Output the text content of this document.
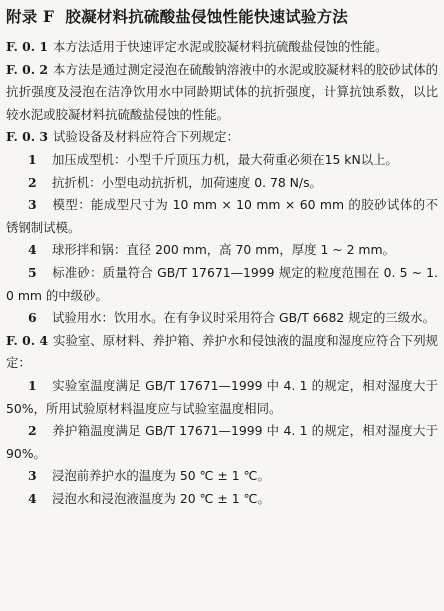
附录 F 胶凝材料抗硫酸盐侵蚀性能快速试验方法

F. 0. 1 本方法适用于快速评定水泥或胶凝材料抗硫酸盐侵蚀的性能。

F. 0. 2 本方法是通过测定浸泡在硫酸钠溶液中的水泥或胶凝材料的胶砂试体的抗折强度及浸泡在洁净饮用水中同龄期试体的抗折强度，计算抗蚀系数，以比较水泥或胶凝材料抗硫酸盐侵蚀的性能。

F. 0. 3 试验设备及材料应符合下列规定：

1 加压成型机：小型千斤顶压力机，最大荷重必须在15 kN以上。

2 抗折机：小型电动抗折机，加荷速度 0. 78 N/s。

3 模型：能成型尺寸为 10 mm × 10 mm × 60 mm 的胶砂试体的不锈钢制试模。

4 球形拌和锅：直径 200 mm，高 70 mm，厚度 1 ~ 2 mm。

5 标准砂：质量符合 GB/T 17671—1999 规定的粒度范围在 0. 5 ~ 1. 0 mm 的中级砂。

6 试验用水：饮用水。在有争议时采用符合 GB/T 6682 规定的三级水。

F. 0. 4 实验室、原材料、养护箱、养护水和侵蚀液的温度和湿度应符合下列规定：

1 实验室温度满足 GB/T 17671—1999 中 4. 1 的规定，相对湿度大于 50%，所用试验原材料温度应与试验室温度相同。

2 养护箱温度满足 GB/T 17671—1999 中 4. 1 的规定，相对湿度大于 90%。

3 浸泡前养护水的温度为 50 ℃ ± 1 ℃。

4 浸泡水和浸泡液温度为 20 ℃ ± 1 ℃。
